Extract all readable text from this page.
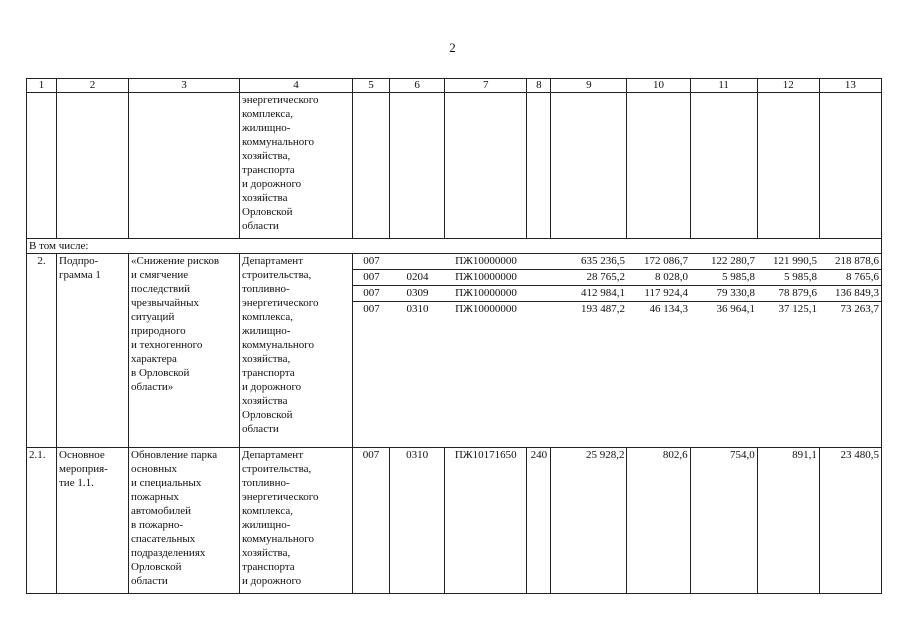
2
1	2	3	4	5	6	7	8	9	10	11	12	13
			энергетического
комплекса,
жилищно-
коммунального
хозяйства,
транспорта
и дорожного
хозяйства
Орловской
области									
В том числе:
2.	Подпро-
грамма 1	«Снижение рисков
и смягчение
последствий
чрезвычайных
ситуаций
природного
и техногенного
характера
в Орловской
области»	Департамент
строительства,
топливно-
энергетического
комплекса,
жилищно-
коммунального
хозяйства,
транспорта
и дорожного
хозяйства
Орловской
области	
007		ПЖ10000000		635 236,5	172 086,7	122 280,7	121 990,5	218 878,6
007	0204	ПЖ10000000		28 765,2	8 028,0	5 985,8	5 985,8	8 765,6
007	0309	ПЖ10000000		412 984,1	117 924,4	79 330,8	78 879,6	136 849,3
007	0310	ПЖ10000000		193 487,2	46 134,3	36 964,1	37 125,1	73 263,7

2.1.	Основное
мероприя-
тие 1.1.	Обновление парка
основных
и специальных
пожарных
автомобилей
в пожарно-
спасательных
подразделениях
Орловской
области	Департамент
строительства,
топливно-
энергетического
комплекса,
жилищно-
коммунального
хозяйства,
транспорта
и дорожного	007	0310	ПЖ10171650	240	25 928,2	802,6	754,0	891,1	23 480,5
